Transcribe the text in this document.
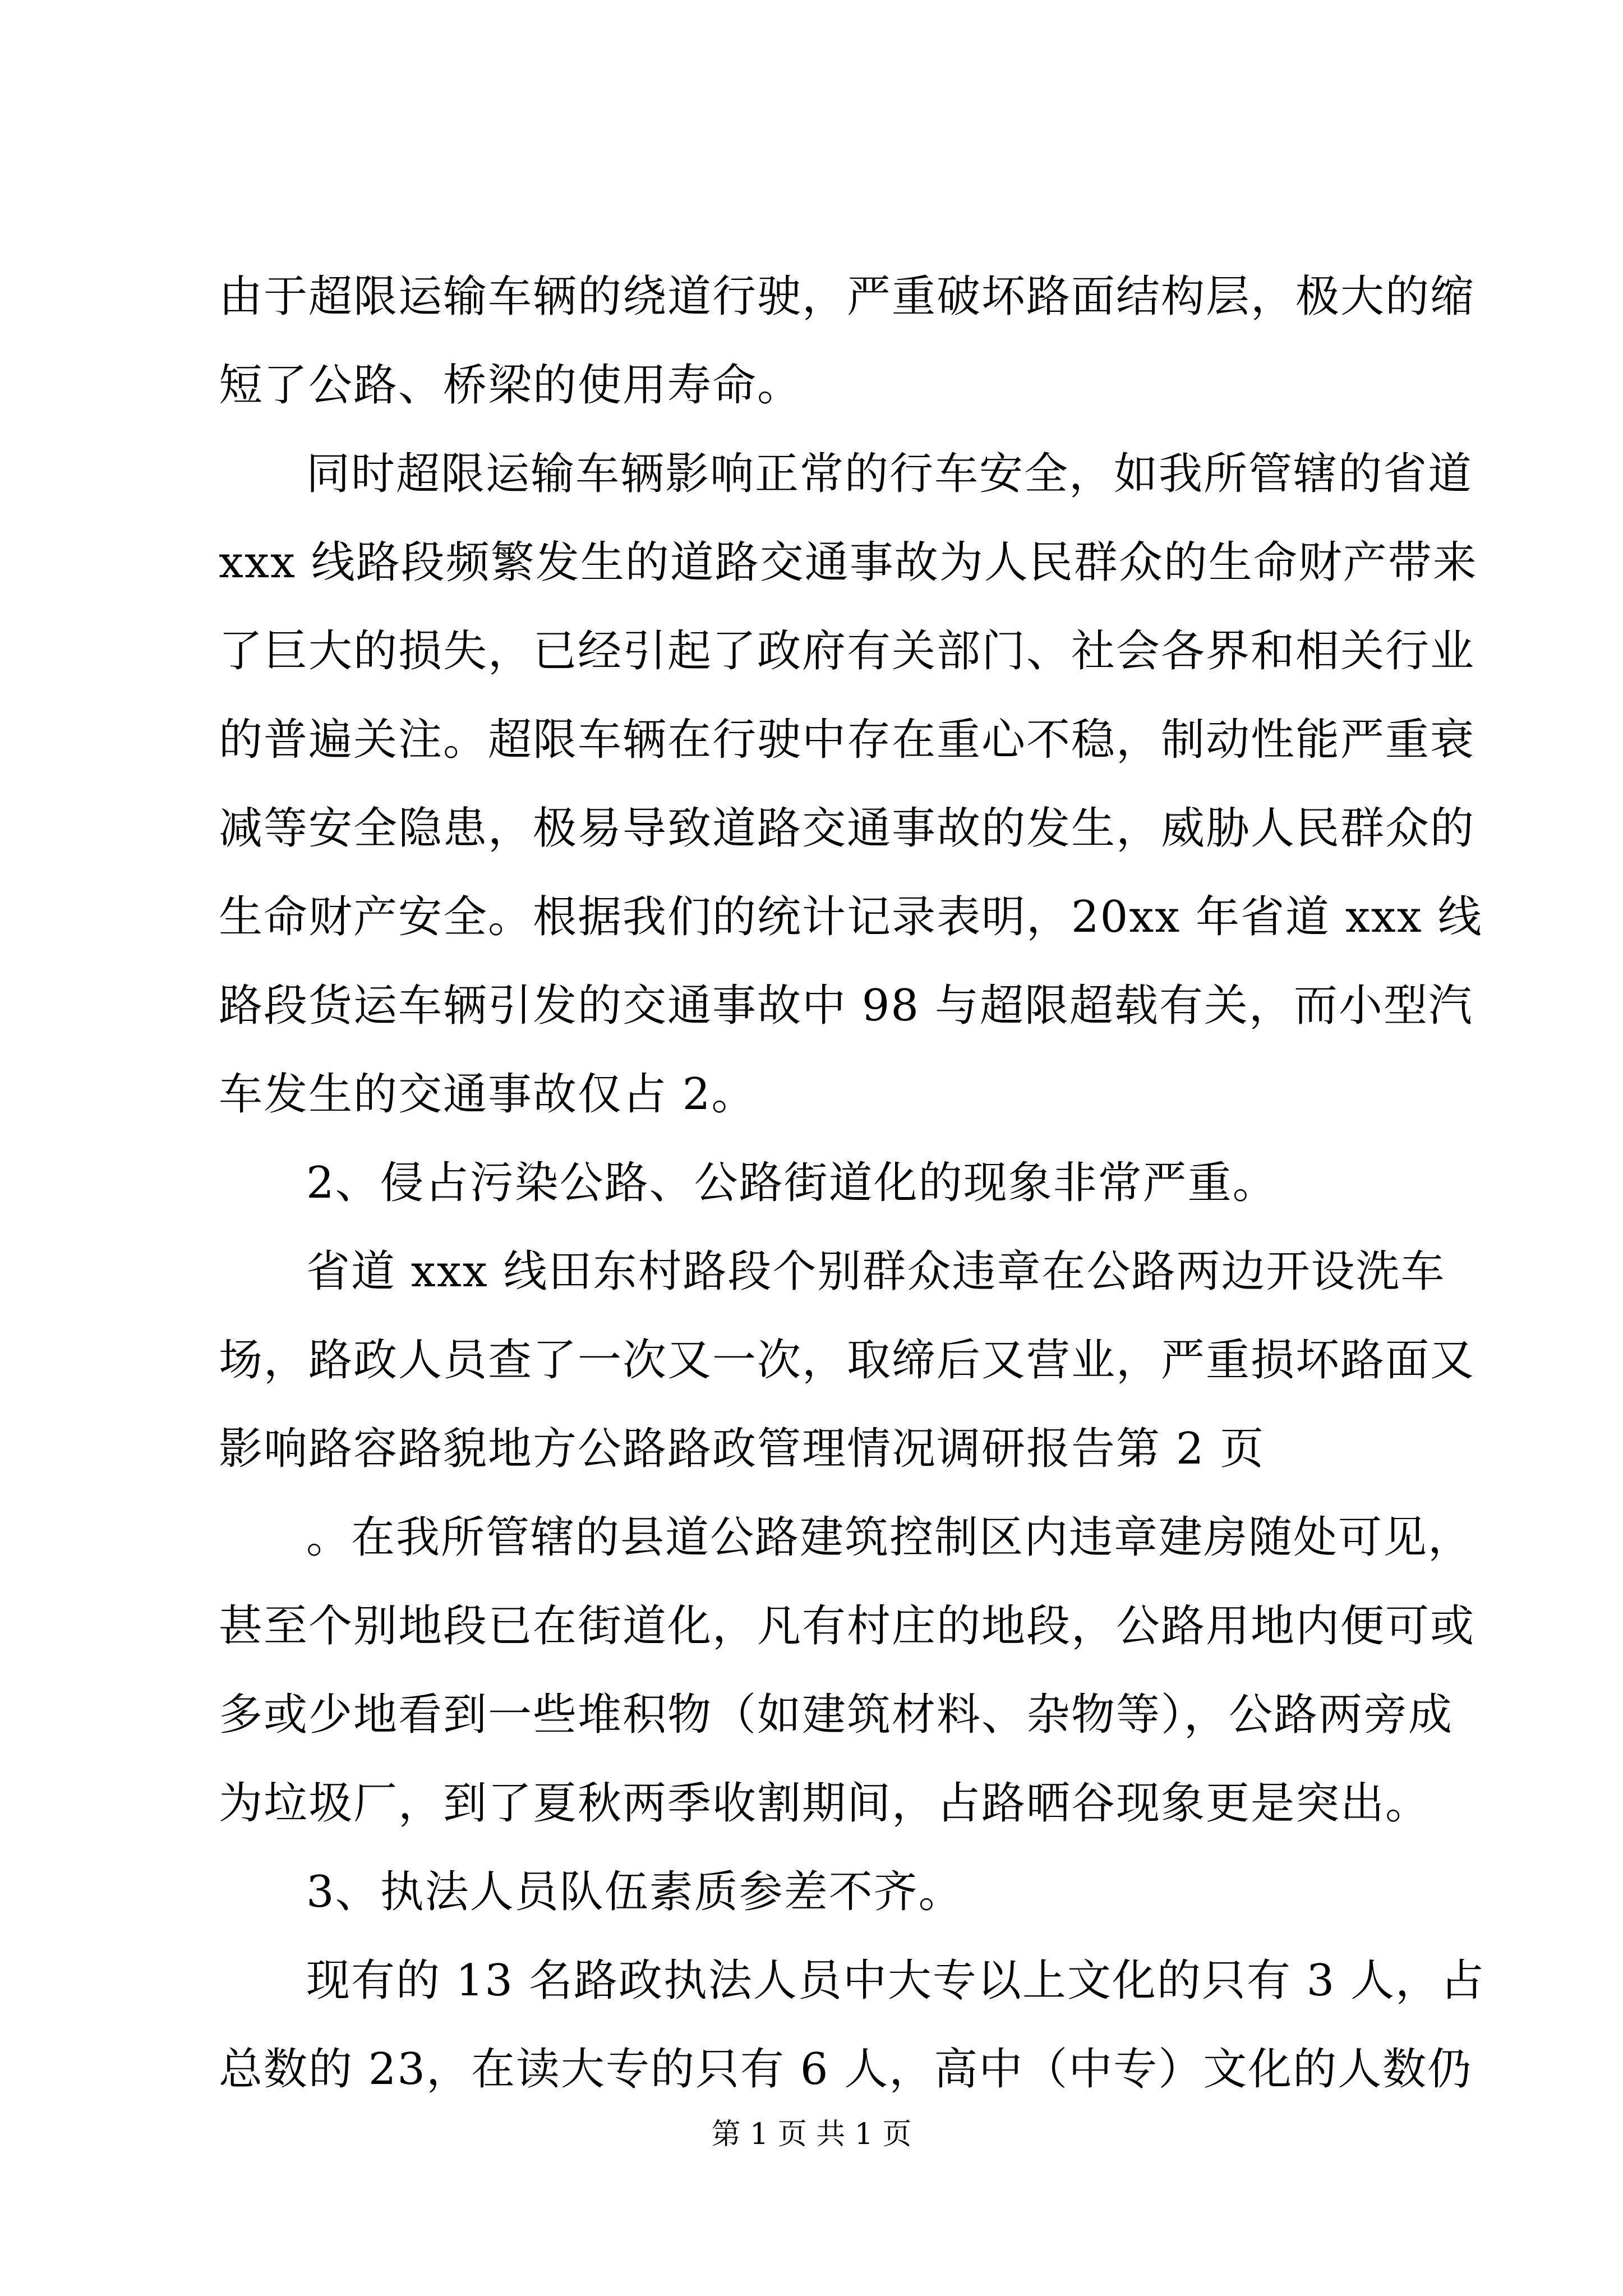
由于超限运输车辆的绕道行驶，严重破坏路面结构层，极大的缩
短了公路、桥梁的使用寿命。
同时超限运输车辆影响正常的行车安全，如我所管辖的省道
xxx 线路段频繁发生的道路交通事故为人民群众的生命财产带来
了巨大的损失，已经引起了政府有关部门、社会各界和相关行业
的普遍关注。超限车辆在行驶中存在重心不稳，制动性能严重衰
减等安全隐患，极易导致道路交通事故的发生，威胁人民群众的
生命财产安全。根据我们的统计记录表明，20xx 年省道 xxx 线
路段货运车辆引发的交通事故中 98 与超限超载有关，而小型汽
车发生的交通事故仅占 2。
2、侵占污染公路、公路街道化的现象非常严重。
省道 xxx 线田东村路段个别群众违章在公路两边开设洗车
场，路政人员查了一次又一次，取缔后又营业，严重损坏路面又
影响路容路貌地方公路路政管理情况调研报告第 2 页
。在我所管辖的县道公路建筑控制区内违章建房随处可见，
甚至个别地段已在街道化，凡有村庄的地段，公路用地内便可或
多或少地看到一些堆积物（如建筑材料、杂物等），公路两旁成
为垃圾厂，到了夏秋两季收割期间，占路晒谷现象更是突出。
3、执法人员队伍素质参差不齐。
现有的 13 名路政执法人员中大专以上文化的只有 3 人，占
总数的 23，在读大专的只有 6 人，高中（中专）文化的人数仍
第 1 页 共 1 页
